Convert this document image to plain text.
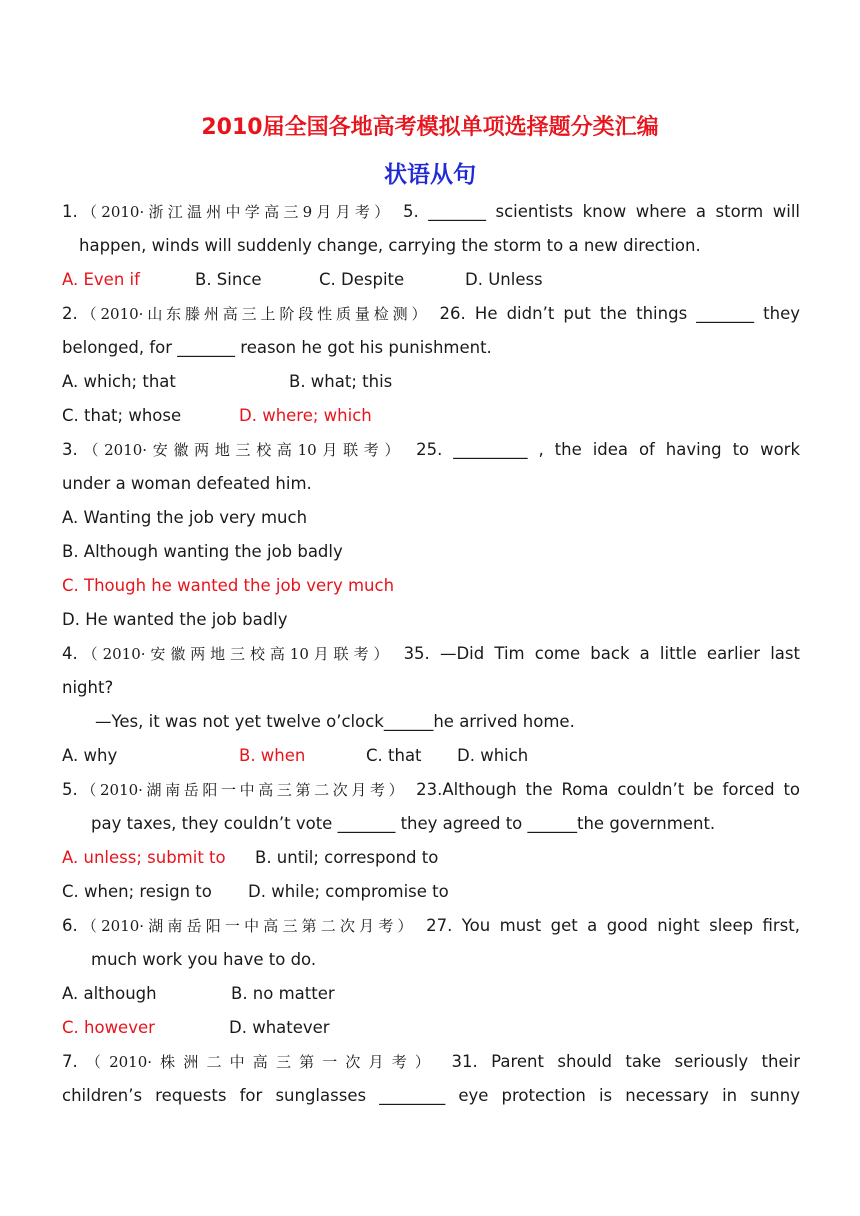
2010届全国各地高考模拟单项选择题分类汇编
状语从句
1.（2010·浙江温州中学高三9月月考） 5. _______ scientists know where a storm will
happen, winds will suddenly change, carrying the storm to a new direction.
A. Even if	B. Since	C. Despite	D. Unless
2.（2010·山东滕州高三上阶段性质量检测） 26. He didn’t put the things _______ they
belonged, for _______ reason he got his punishment.
A. which; that	B. what; this
C. that; whose	D. where; which
3.（2010·安徽两地三校高10月联考） 25. _________ , the idea of having to work
under a woman defeated him.
A. Wanting the job very much
B. Although wanting the job badly
C. Though he wanted the job very much
D. He wanted the job badly
4.（2010·安徽两地三校高10月联考） 35. —Did Tim come back a little earlier last
night?
—Yes, it was not yet twelve o’clock______he arrived home.
A. why	B. when	C. that D. which
5.（2010·湖南岳阳一中高三第二次月考） 23.Although the Roma couldn’t be forced to
pay taxes, they couldn’t vote _______ they agreed to ______the government.
A. unless; submit to B. until; correspond to
C. when; resign to D. while; compromise to
6.（2010·湖南岳阳一中高三第二次月考） 27. You must get a good night sleep first,
much work you have to do.
A. although	B. no matter
C. however	D. whatever
7.（2010·株洲二中高三第一次月考） 31. Parent should take seriously their
children’s requests for sunglasses ________ eye protection is necessary in sunny
